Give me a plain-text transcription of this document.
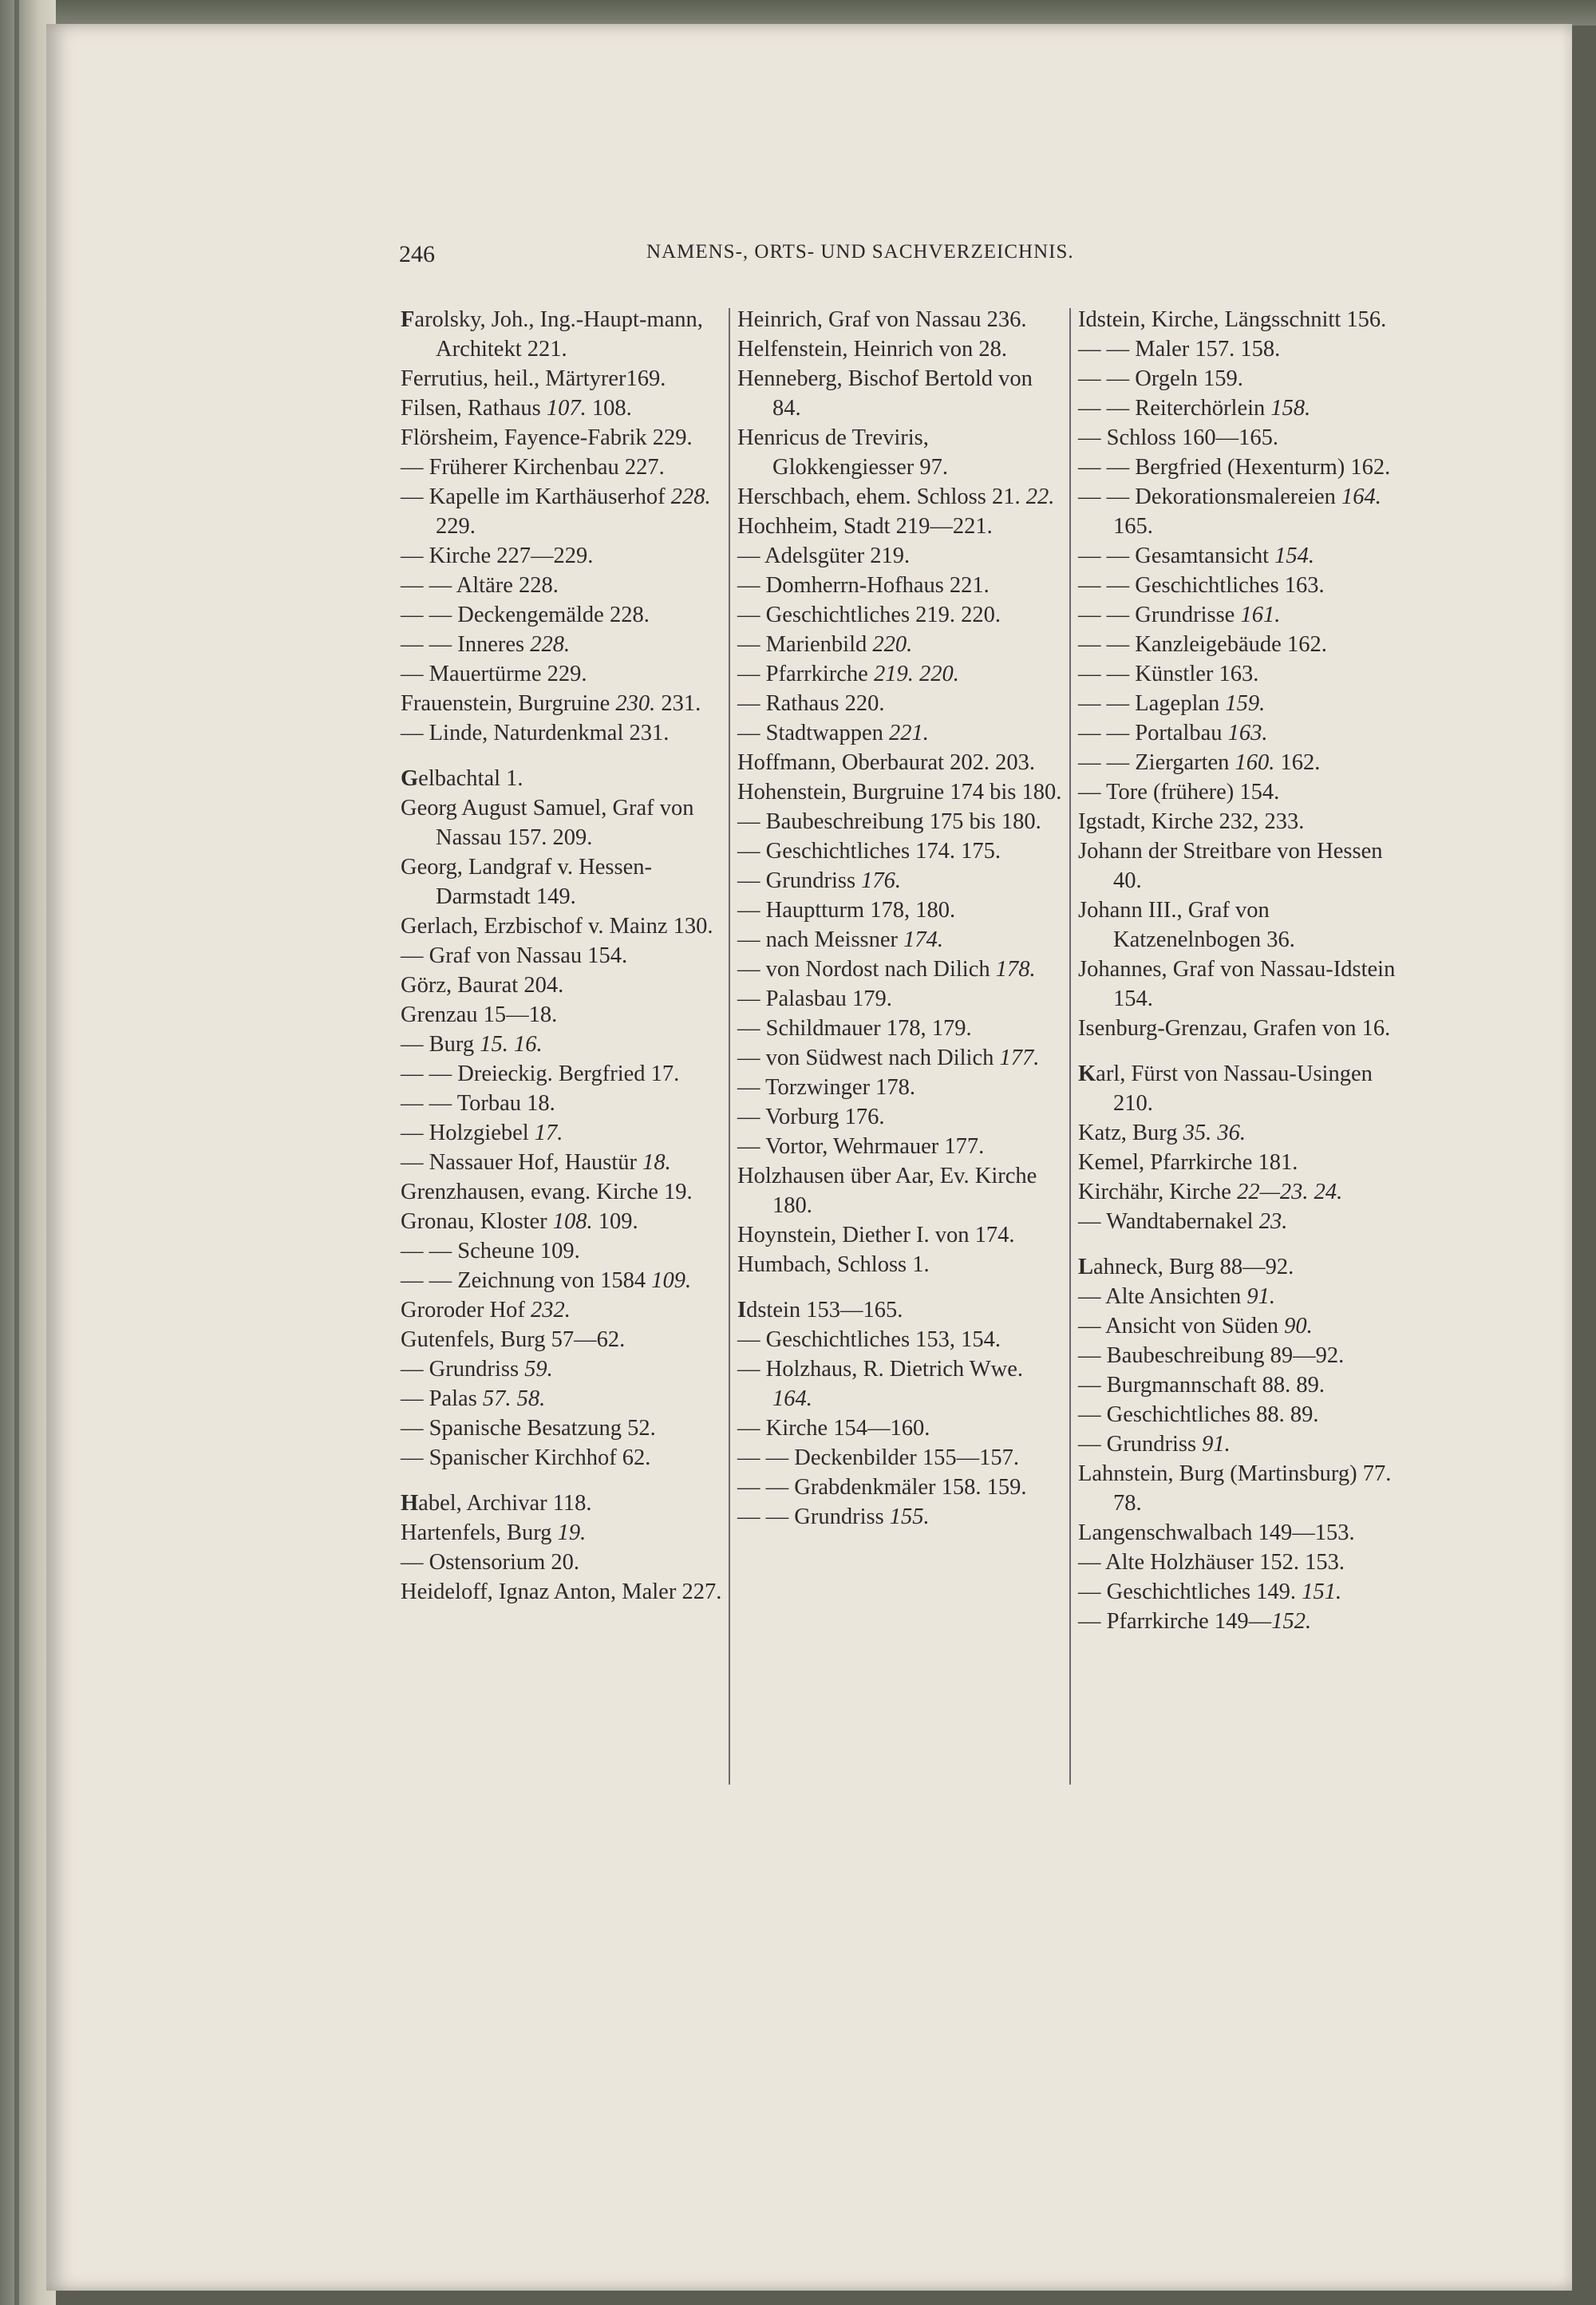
246	NAMENS-, ORTS- UND SACHVERZEICHNIS.

Farolsky, Joh., Ing.-Haupt-mann, Architekt 221.

Ferrutius, heil., Märtyrer169.

Filsen, Rathaus 107. 108.

Flörsheim, Fayence-Fabrik 229.

— Früherer Kirchenbau 227.

— Kapelle im Karthäuserhof 228. 229.

— Kirche 227—229.

— — Altäre 228.

— — Deckengemälde 228.

— — Inneres 228.

— Mauertürme 229.

Frauenstein, Burgruine 230. 231.

— Linde, Naturdenkmal 231.

Gelbachtal 1.

Georg August Samuel, Graf von Nassau 157. 209.

Georg, Landgraf v. Hessen-Darmstadt 149.

Gerlach, Erzbischof v. Mainz 130.

— Graf von Nassau 154.

Görz, Baurat 204.

Grenzau 15—18.

— Burg 15. 16.

— — Dreieckig. Bergfried 17.

— — Torbau 18.

— Holzgiebel 17.

— Nassauer Hof, Haustür 18.

Grenzhausen, evang. Kirche 19.

Gronau, Kloster 108. 109.

— — Scheune 109.

— — Zeichnung von 1584 109.

Groroder Hof 232.

Gutenfels, Burg 57—62.

— Grundriss 59.

— Palas 57. 58.

— Spanische Besatzung 52.

— Spanischer Kirchhof 62.

Habel, Archivar 118.

Hartenfels, Burg 19.

— Ostensorium 20.

Heideloff, Ignaz Anton, Maler 227.

Heinrich, Graf von Nassau 236.

Helfenstein, Heinrich von 28.

Henneberg, Bischof Bertold von 84.

Henricus de Treviris, Glokkengiesser 97.

Herschbach, ehem. Schloss 21. 22.

Hochheim, Stadt 219—221.

— Adelsgüter 219.

— Domherrn-Hofhaus 221.

— Geschichtliches 219. 220.

— Marienbild 220.

— Pfarrkirche 219. 220.

— Rathaus 220.

— Stadtwappen 221.

Hoffmann, Oberbaurat 202. 203.

Hohenstein, Burgruine 174 bis 180.

— Baubeschreibung 175 bis 180.

— Geschichtliches 174. 175.

— Grundriss 176.

— Hauptturm 178, 180.

— nach Meissner 174.

— von Nordost nach Dilich 178.

— Palasbau 179.

— Schildmauer 178, 179.

— von Südwest nach Dilich 177.

— Torzwinger 178.

— Vorburg 176.

— Vortor, Wehrmauer 177.

Holzhausen über Aar, Ev. Kirche 180.

Hoynstein, Diether I. von 174.

Humbach, Schloss 1.

Idstein 153—165.

— Geschichtliches 153, 154.

— Holzhaus, R. Dietrich Wwe. 164.

— Kirche 154—160.

— — Deckenbilder 155—157.

— — Grabdenkmäler 158. 159.

— — Grundriss 155.

Idstein, Kirche, Längsschnitt 156.

— — Maler 157. 158.

— — Orgeln 159.

— — Reiterchörlein 158.

— Schloss 160—165.

— — Bergfried (Hexenturm) 162.

— — Dekorationsmalereien 164. 165.

— — Gesamtansicht 154.

— — Geschichtliches 163.

— — Grundrisse 161.

— — Kanzleigebäude 162.

— — Künstler 163.

— — Lageplan 159.

— — Portalbau 163.

— — Ziergarten 160. 162.

— Tore (frühere) 154.

Igstadt, Kirche 232, 233.

Johann der Streitbare von Hessen 40.

Johann III., Graf von Katzenelnbogen 36.

Johannes, Graf von Nassau-Idstein 154.

Isenburg-Grenzau, Grafen von 16.

Karl, Fürst von Nassau-Usingen 210.

Katz, Burg 35. 36.

Kemel, Pfarrkirche 181.

Kirchähr, Kirche 22—23. 24.

— Wandtabernakel 23.

Lahneck, Burg 88—92.

— Alte Ansichten 91.

— Ansicht von Süden 90.

— Baubeschreibung 89—92.

— Burgmannschaft 88. 89.

— Geschichtliches 88. 89.

— Grundriss 91.

Lahnstein, Burg (Martinsburg) 77. 78.

Langenschwalbach 149—153.

— Alte Holzhäuser 152. 153.

— Geschichtliches 149. 151.

— Pfarrkirche 149—152.
